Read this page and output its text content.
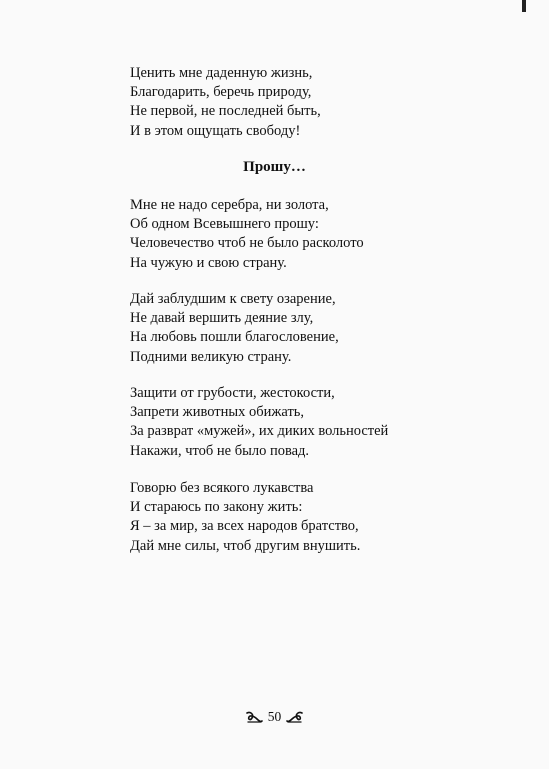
Ценить мне даденную жизнь,
Благодарить, беречь природу,
Не первой, не последней быть,
И в этом ощущать свободу!
Прошу…
Мне не надо серебра, ни золота,
Об одном Всевышнего прошу:
Человечество чтоб не было расколото
На чужую и свою страну.
Дай заблудшим к свету озарение,
Не давай вершить деяние злу,
На любовь пошли благословение,
Подними великую страну.
Защити от грубости, жестокости,
Запрети животных обижать,
За разврат «мужей», их диких вольностей
Накажи, чтоб не было повад.
Говорю без всякого лукавства
И стараюсь по закону жить:
Я – за мир, за всех народов братство,
Дай мне силы, чтоб другим внушить.
50
